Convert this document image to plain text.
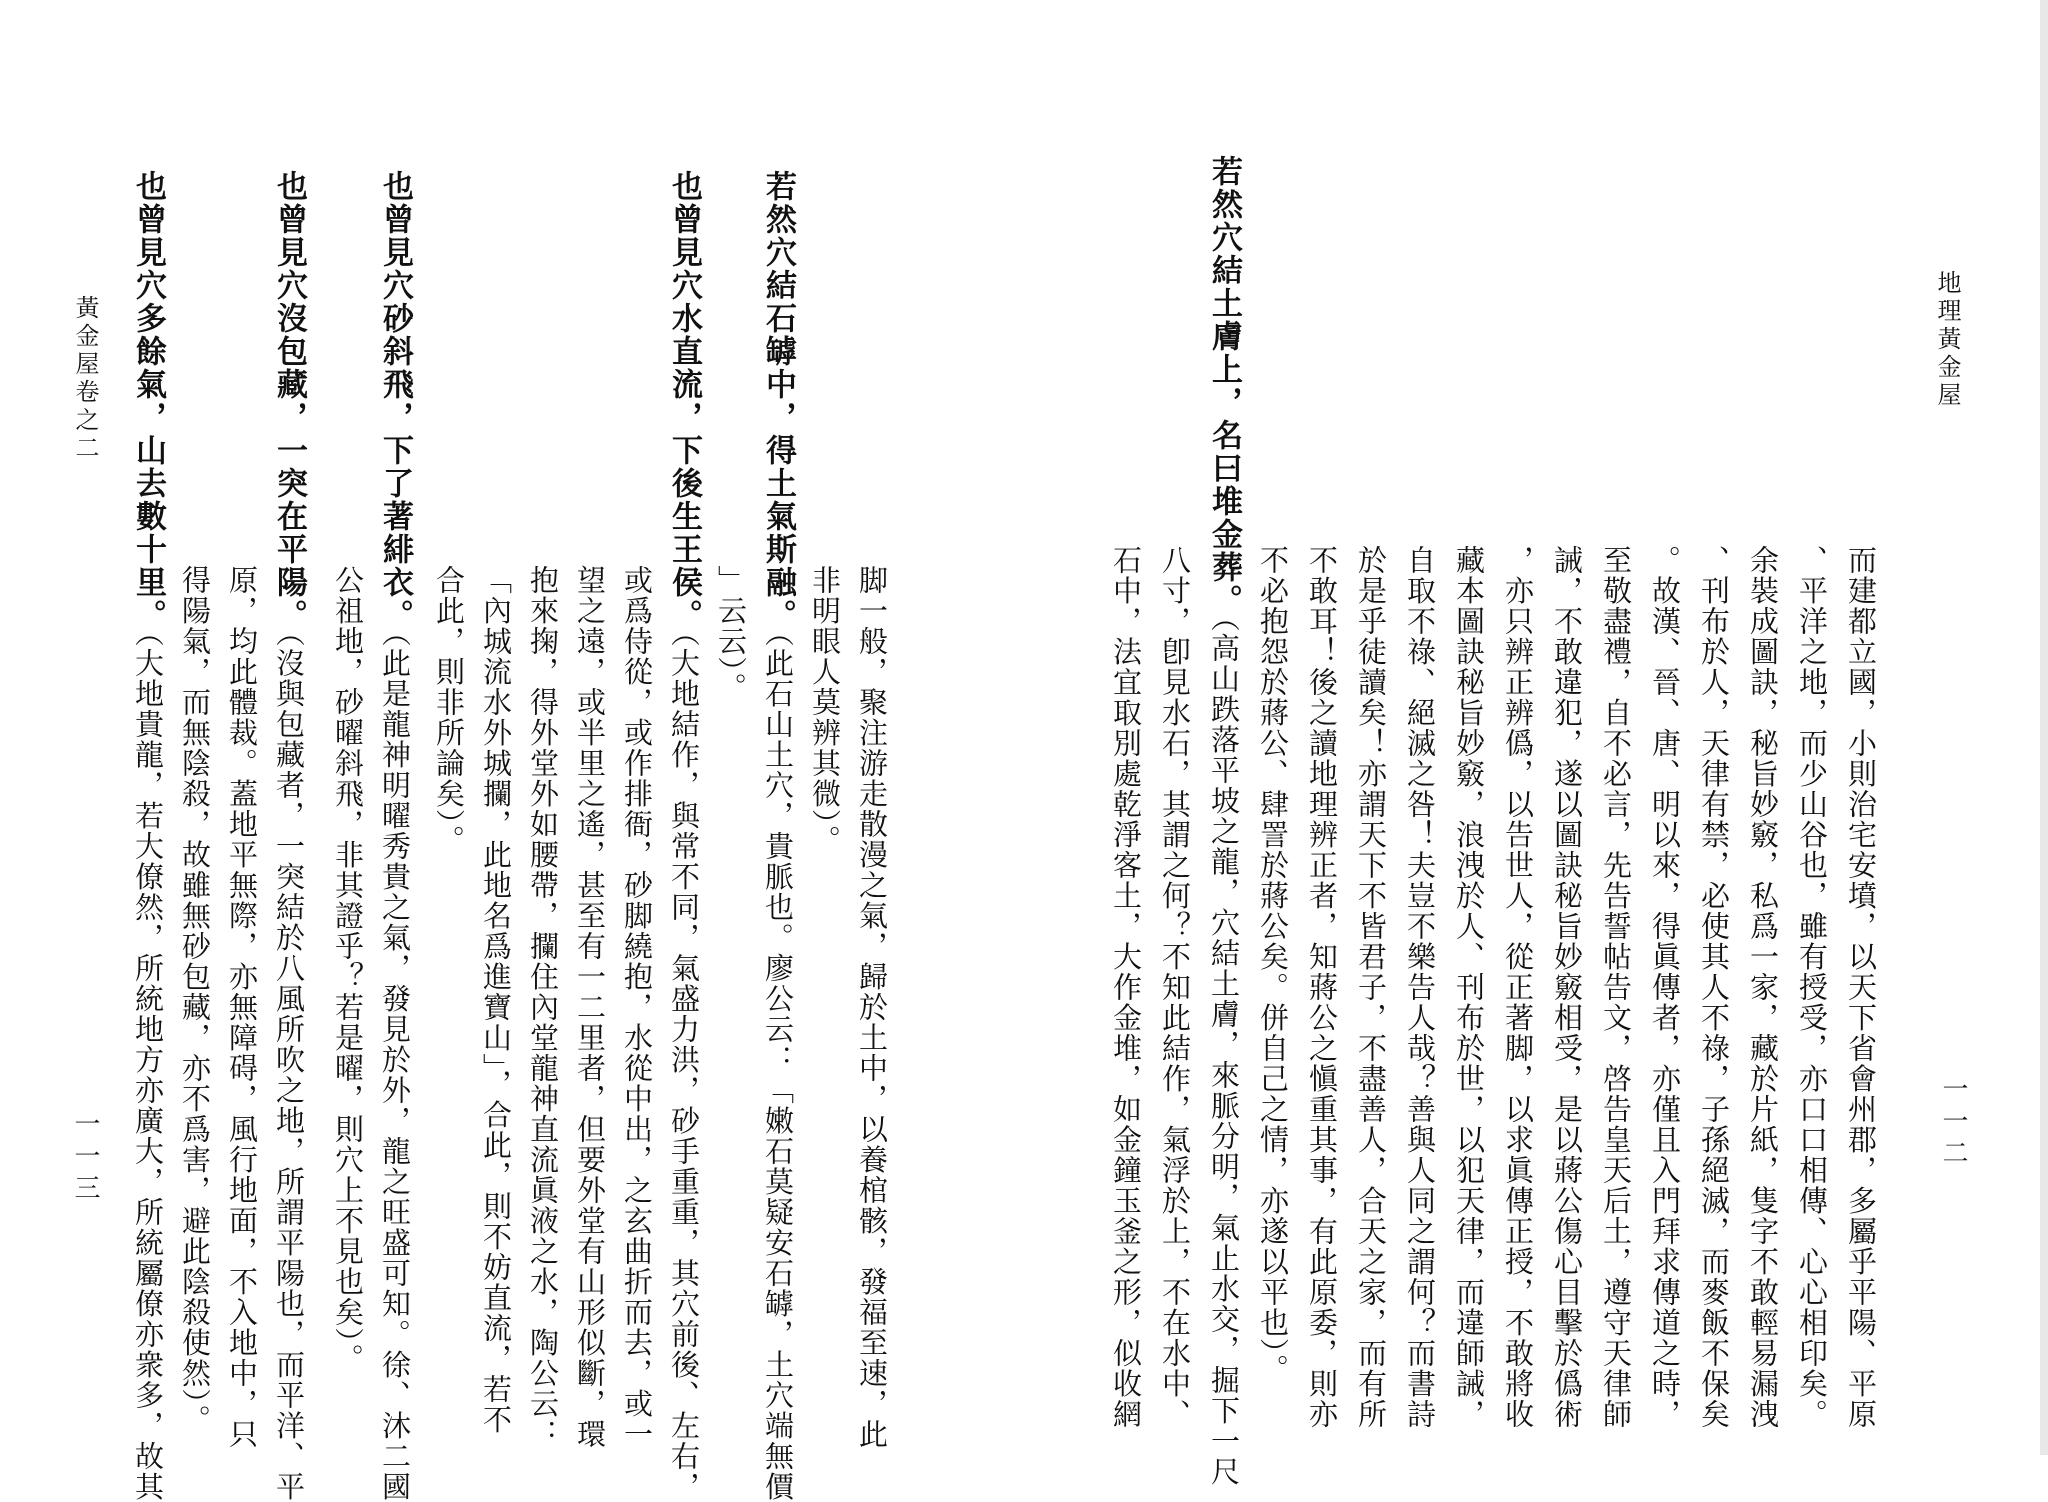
地理黃金屋
一一二
而建都立國，小則治宅安墳，以天下省會州郡，多屬乎平陽、平原
、平洋之地，而少山谷也，雖有授受，亦口口相傳、心心相印矣。
余裝成圖訣，秘旨妙竅，私爲一家，藏於片紙，隻字不敢輕易漏洩
、刊布於人，天律有禁，必使其人不祿，子孫絕滅，而麥飯不保矣
。故漢、晉、唐、明以來，得眞傳者，亦僅且入門拜求傳道之時，
至敬盡禮，自不必言，先告誓帖告文，啓告皇天后土，遵守天律師
誡，不敢違犯，遂以圖訣秘旨妙竅相受，是以蔣公傷心目擊於僞術
，亦只辨正辨僞，以告世人，從正著脚，以求眞傳正授，不敢將收
藏本圖訣秘旨妙竅，浪洩於人、刊布於世，以犯天律，而違師誡，
自取不祿、絕滅之咎！夫豈不樂告人哉？善與人同之謂何？而書詩
於是乎徒讀矣！亦謂天下不皆君子，不盡善人，合天之家，而有所
不敢耳！後之讀地理辨正者，知蔣公之愼重其事，有此原委，則亦
不必抱怨於蔣公、肆詈於蔣公矣。併自己之情，亦遂以平也）。
若然穴結土膚上，名曰堆金葬。（高山跌落平坡之龍，穴結土膚，來脈分明，氣止水交，掘下一尺
八寸，卽見水石，其謂之何？不知此結作，氣浮於上，不在水中、
石中，法宜取別處乾淨客土，大作金堆，如金鐘玉釜之形，似收網
黃金屋卷之二
一一三	脚一般，聚注游走散漫之氣，歸於土中，以養棺骸，發福至速，此
非明眼人莫辨其微）。
若然穴結石罅中，得土氣斯融。（此石山土穴，貴脈也。廖公云：「嫩石莫疑安石罅，土穴端無價
」云云）。
也曾見穴水直流，下後生王侯。（大地結作，與常不同，氣盛力洪，砂手重重，其穴前後、左右，
或爲侍從，或作排衙，砂脚繞抱，水從中出，之玄曲折而去，或一
望之遠，或半里之遙，甚至有一二里者，但要外堂有山形似斷，環
抱來掬，得外堂外如腰帶，攔住內堂龍神直流眞液之水，陶公云：
「內城流水外城攔，此地名爲進寶山」，合此，則不妨直流，若不
合此，則非所論矣）。
也曾見穴砂斜飛，下了著緋衣。（此是龍神明曜秀貴之氣，發見於外，龍之旺盛可知。徐、沐二國
公祖地，砂曜斜飛，非其證乎？若是曜，則穴上不見也矣）。
也曾見穴沒包藏，一突在平陽。（沒與包藏者，一突結於八風所吹之地，所謂平陽也，而平洋、平
原，均此體裁。蓋地平無際，亦無障碍，風行地面，不入地中，只
得陽氣，而無陰殺，故雖無砂包藏，亦不爲害，避此陰殺使然）。
也曾見穴多餘氣，山去數十里。（大地貴龍，若大僚然，所統地方亦廣大，所統屬僚亦衆多，故其
